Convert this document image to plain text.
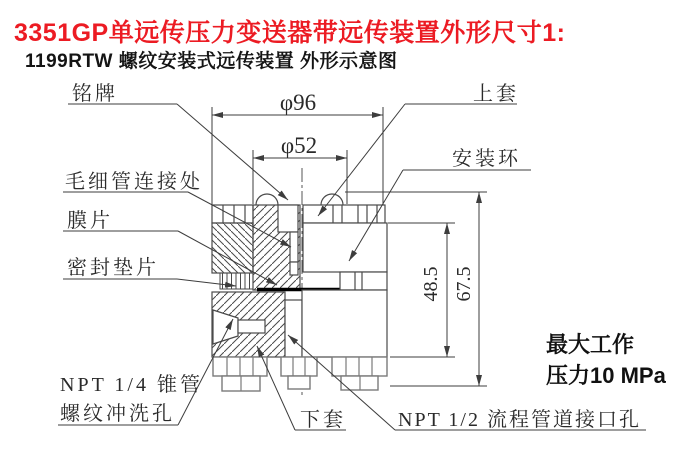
3351GP单远传压力变送器带远传装置外形尺寸1:
1199RTW 螺纹安装式远传装置 外形示意图
φ96
φ52
48.5 67.5
铭牌
毛细管连接处
膜片
密封垫片
NPT 1/4 锥管
螺纹冲洗孔
上套
安装环
下套	NPT 1/2 流程管道接口孔
最大工作
压力10 MPa
